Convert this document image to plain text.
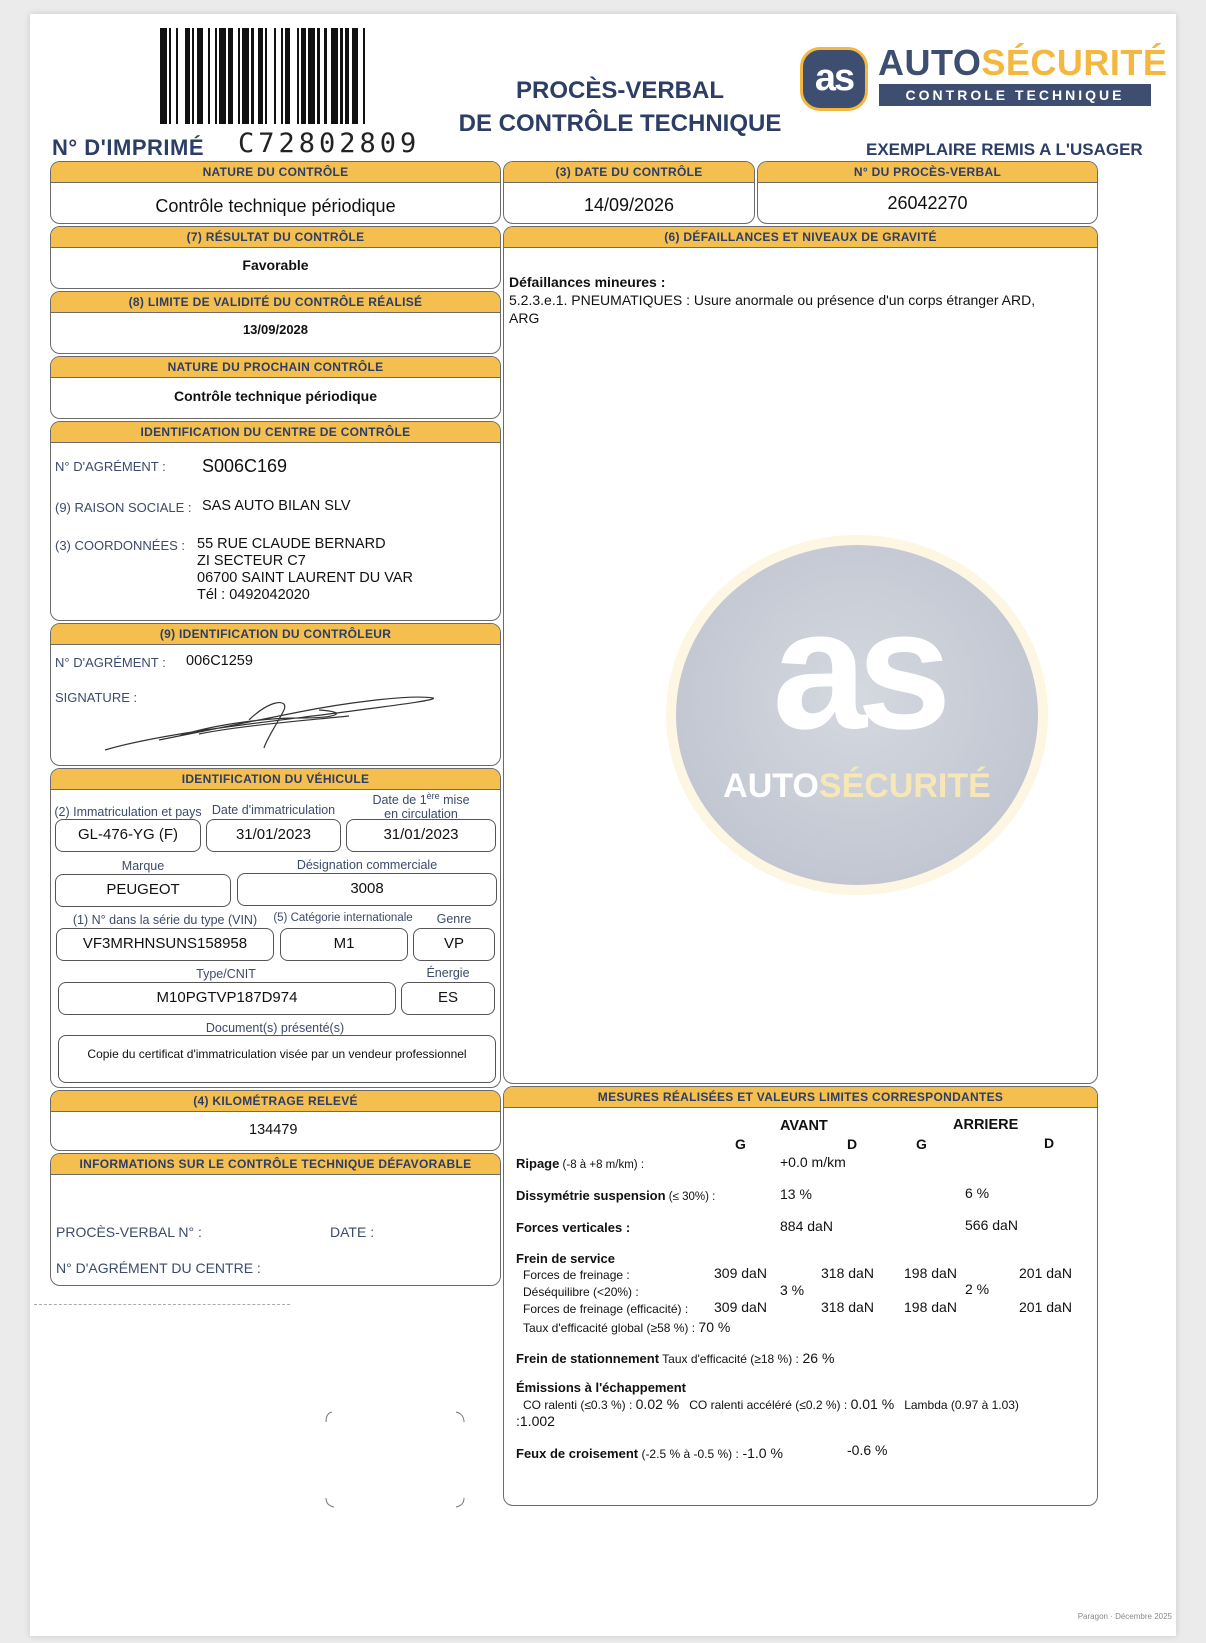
N° D'IMPRIMÉ C72802809
PROCÈS-VERBAL
DE CONTRÔLE TECHNIQUE
as AUTOSÉCURITÉ
CONTROLE TECHNIQUE
EXEMPLAIRE REMIS A L'USAGER
NATURE DU CONTRÔLE
Contrôle technique périodique
(3) DATE DU CONTRÔLE
14/09/2026
N° DU PROCÈS-VERBAL
26042270
(7) RÉSULTAT DU CONTRÔLE
Favorable
(8) LIMITE DE VALIDITÉ DU CONTRÔLE RÉALISÉ
13/09/2028
NATURE DU PROCHAIN CONTRÔLE
Contrôle technique périodique
(6) DÉFAILLANCES ET NIVEAUX DE GRAVITÉ
Défaillances mineures :
5.2.3.e.1. PNEUMATIQUES : Usure anormale ou présence d'un corps étranger ARD,
ARG
as
AUTOSÉCURITÉ
IDENTIFICATION DU CENTRE DE CONTRÔLE
N° D'AGRÉMENT : S006C169
(9) RAISON SOCIALE : SAS AUTO BILAN SLV
(3) COORDONNÉES : 55 RUE CLAUDE BERNARD
ZI SECTEUR C7
06700 SAINT LAURENT DU VAR
Tél : 0492042020
(9) IDENTIFICATION DU CONTRÔLEUR
N° D'AGRÉMENT : 006C1259
SIGNATURE :
IDENTIFICATION DU VÉHICULE
(2) Immatriculation et pays Date d'immatriculation
Date de 1ère mise
en circulation
GL-476-YG (F)	31/01/2023	31/01/2023
Marque	Désignation commerciale
PEUGEOT	3008
(1) N° dans la série du type (VIN)	(5) Catégorie internationale	Genre
VF3MRHNSUNS158958	M1	VP
Type/CNIT	Énergie
M10PGTVP187D974	ES
Document(s) présenté(s)
Copie du certificat d'immatriculation visée par un vendeur professionnel
(4) KILOMÉTRAGE RELEVÉ
134479
INFORMATIONS SUR LE CONTRÔLE TECHNIQUE DÉFAVORABLE
PROCÈS-VERBAL N° :	DATE :
N° D'AGRÉMENT DU CENTRE :
MESURES RÉALISÉES ET VALEURS LIMITES CORRESPONDANTES
AVANT	ARRIERE
G	D	G	D
Ripage (-8 à +8 m/km) :	+0.0 m/km
Dissymétrie suspension (≤ 30%) :	13 %	6 %
Forces verticales :	884 daN	566 daN
Frein de service
Forces de freinage :	309 daN	318 daN 198 daN	201 daN
Déséquilibre (<20%) :	3 %	2 %
Forces de freinage (efficacité) : 309 daN	318 daN 198 daN	201 daN
Taux d'efficacité global (≥58 %) : 70 %
Frein de stationnement Taux d'efficacité (≥18 %) : 26 %
Émissions à l'échappement
CO ralenti (≤0.3 %) : 0.02 % CO ralenti accéléré (≤0.2 %) : 0.01 % Lambda (0.97 à 1.03)
:1.002
Feux de croisement (-2.5 % à -0.5 %) : -1.0 %	-0.6 %
Paragon · Décembre 2025
